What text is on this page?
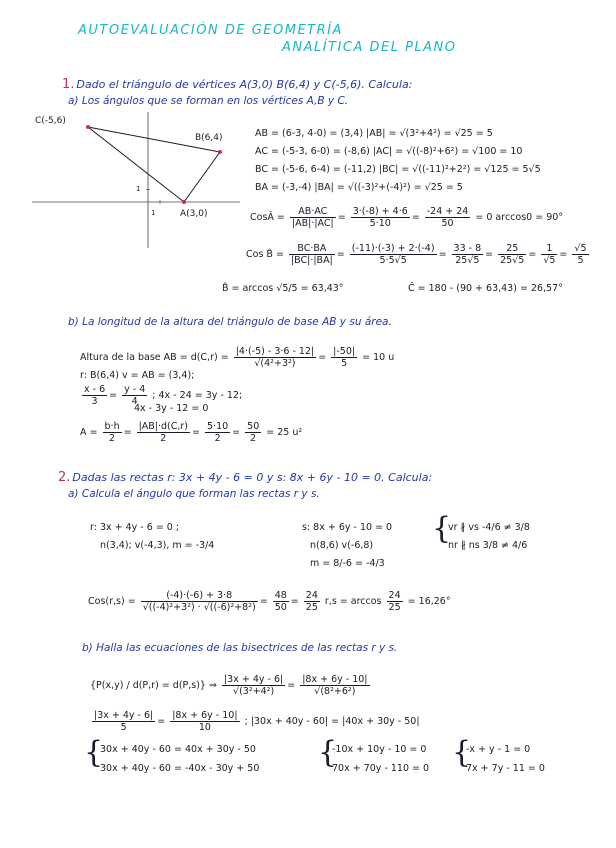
AUTOEVALUACIÓN DE GEOMETRÍA
ANALÍTICA DEL PLANO
1. Dado el triángulo de vértices A(3,0) B(6,4) y C(-5,6). Calcula:
a) Los ángulos que se forman en los vértices A,B y C.
C(-5,6)
B(6,4)
A(3,0)
1
1
AB = (6-3, 4-0) = (3,4) |AB| = √(3²+4²) = √25 = 5
AC = (-5-3, 6-0) = (-8,6) |AC| = √((-8)²+6²) = √100 = 10
BC = (-5-6, 6-4) = (-11,2) |BC| = √((-11)²+2²) = √125 = 5√5
BA = (-3,-4) |BA| = √((-3)²+(-4)²) = √25 = 5
CosÂ = $\frac{AB\cdot AC}{|AB|\cdot|AC|} = \frac{3\cdot(-8) + 4\cdot 6}{5\cdot 10} = \frac{-24 + 24}{50} = 0$ arccos0 = 90°
Cos B̂ = $\frac{BC\cdot BA}{|BC|\cdot|BA|} = \frac{(-11)\cdot(-3) + 2\cdot(-4)}{5\cdot 5√5} = \frac{33 - 8}{25√5} = \frac{25}{25√5} = \frac{1}{√5} = \frac{√5}{5}$
B̂ = arccos √5/5 = 63,43°	Ĉ = 180 - (90 + 63,43) = 26,57°
b) La longitud de la altura del triángulo de base AB y su área.
Altura de la base AB = $d(C,r) = \frac{|4\cdot(-5) - 3\cdot 6 - 12|}{\text{√(4²+3²)}} = \frac{|-50|}{5} = 10$ u
r: B(6,4) v = AB = (3,4);
$\frac{x - 6}{3} = \frac{y - 4}{4}$ ; 4x - 24 = 3y - 12;
4x - 3y - 12 = 0
$A = \frac{b\cdot h}{2} = \frac{|AB|\cdot d(C,r)}{2} = \frac{5\cdot 10}{2} = \frac{50}{2} = 25$ u²
2. Dadas las rectas r: 3x + 4y - 6 = 0 y s: 8x + 6y - 10 = 0. Calcula:
a) Calcula el ángulo que forman las rectas r y s.
r: 3x + 4y - 6 = 0 ;
n(3,4); v(-4,3), m = -3/4
s: 8x + 6y - 10 = 0
n(8,6) v(-6,8)
m = 8/-6 = -4/3
{
vr ∦ vs -4/6 ≠ 3/8
nr ∦ ns 3/8 ≠ 4/6
$Cos(r,s) = \frac{(-4)\cdot(-6) + 3\cdot 8}{\text{√((-4)²+3²) · √((-6)²+8²)}} = \frac{48}{50} = \frac{24}{25} r,s = \arccos \frac{24}{25} = 16,26^\circ$
b) Halla las ecuaciones de las bisectrices de las rectas r y s.
{P(x,y) / d(P,r) = d(P,s)} ⇒ $\frac{|3x + 4y - 6|}{\text{√(3²+4²)}} = \frac{|8x + 6y - 10|}{\text{√(8²+6²)}}$
$\frac{|3x + 4y - 6|}{5} = \frac{|8x + 6y - 10|}{10}$ ; |30x + 40y - 60| = |40x + 30y - 50|
{
30x + 40y - 60 = 40x + 30y - 50
30x + 40y - 60 = -40x - 30y + 50 {
-10x + 10y - 10 = 0
70x + 70y - 110 = 0 {
-x + y - 1 = 0
7x + 7y - 11 = 0
